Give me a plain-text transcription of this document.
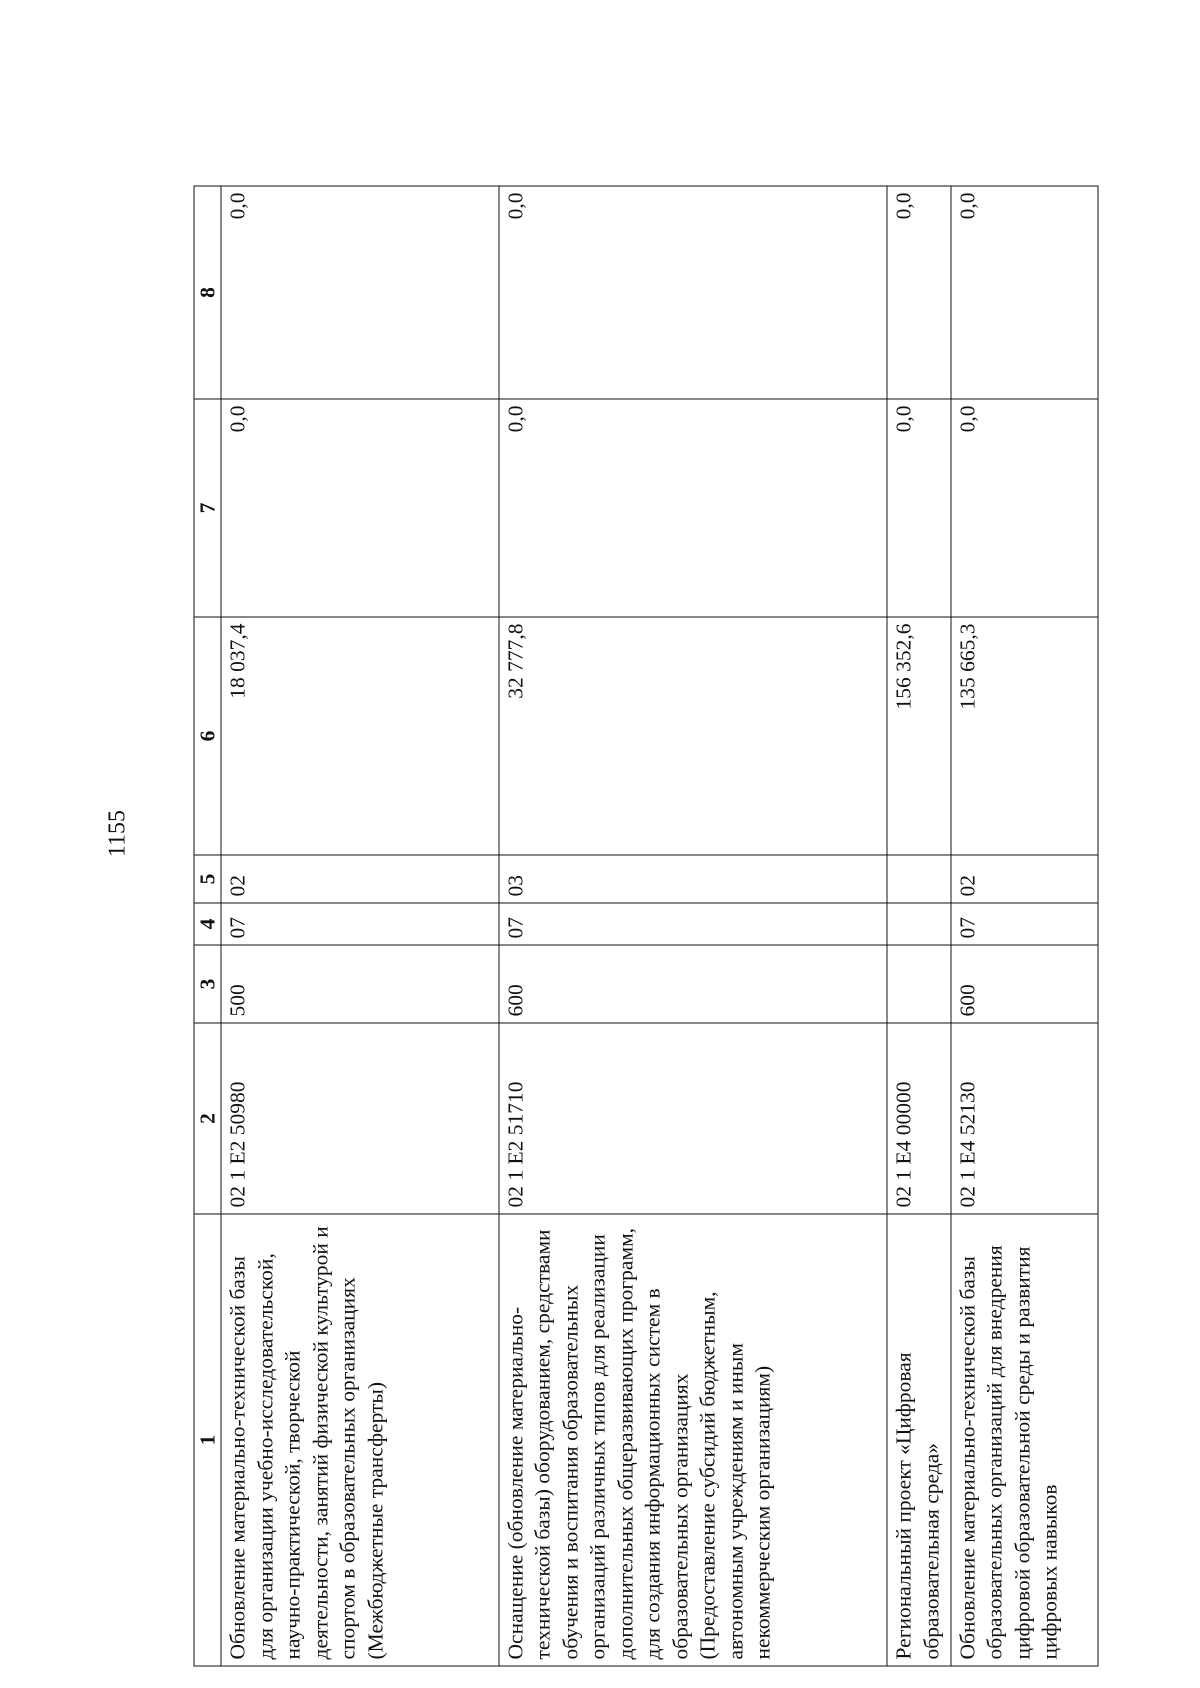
1155
1	2	3	4	5	6	7	8
Обновление материально-технической базы для организации учебно-исследовательской, научно-практической, творческой деятельности, занятий физической культурой и спортом в образовательных организациях (Межбюджетные трансферты)	02 1 E2 50980	500	07	02	18 037,4	0,0	0,0
Оснащение (обновление материально-технической базы) оборудованием, средствами обучения и воспитания образовательных организаций различных типов для реализации дополнительных общеразвивающих программ, для создания информационных систем в образовательных организациях (Предоставление субсидий бюджетным, автономным учреждениям и иным некоммерческим организациям)	02 1 E2 51710	600	07	03	32 777,8	0,0	0,0
Региональный проект «Цифровая образовательная среда»	02 1 E4 00000				156 352,6	0,0	0,0
Обновление материально-технической базы образовательных организаций для внедрения цифровой образовательной среды и развития цифровых навыков	02 1 E4 52130	600	07	02	135 665,3	0,0	0,0
